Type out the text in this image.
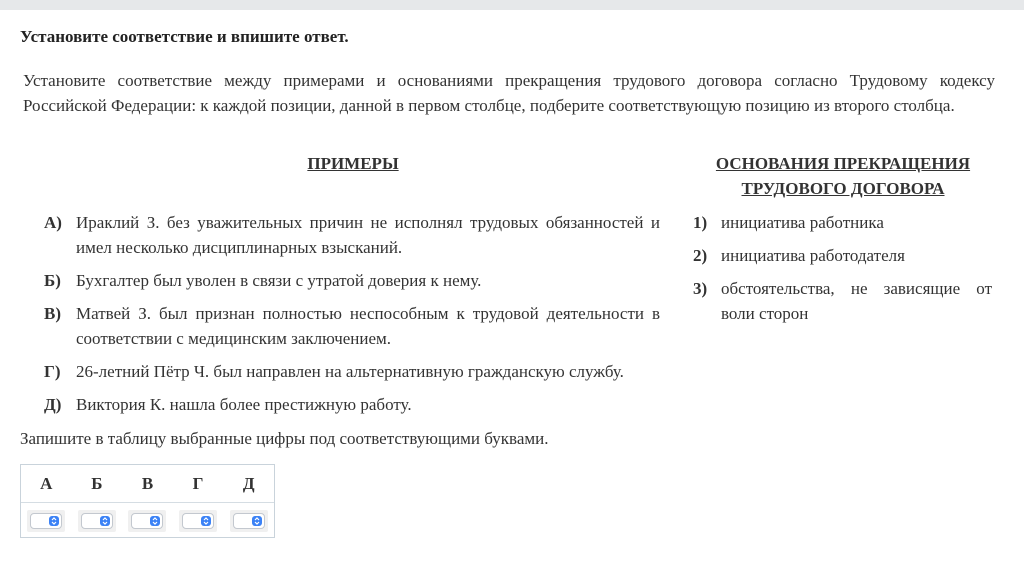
Установите соответствие и впишите ответ.
Установите соответствие между примерами и основаниями прекращения трудового договора согласно Трудовому кодексу Российской Федерации: к каждой позиции, данной в первом столбце, подберите соответствующую позицию из второго столбца.
ПРИМЕРЫ	ОСНОВАНИЯ ПРЕКРАЩЕНИЯ ТРУДОВОГО ДОГОВОРА
А) Ираклий З. без уважительных причин не исполнял трудовых обязанностей и имел несколько дисциплинарных взысканий.
Б) Бухгалтер был уволен в связи с утратой доверия к нему.
В) Матвей З. был признан полностью неспособным к трудовой деятельности в соответствии с медицинским заключением.
Г) 26-летний Пётр Ч. был направлен на альтернативную гражданскую службу.
Д) Виктория К. нашла более престижную работу.
1) инициатива работника
2) инициатива работодателя
3) обстоятельства, не зависящие от воли сторон
Запишите в таблицу выбранные цифры под соответствующими буквами.
А	Б	В	Г	Д
